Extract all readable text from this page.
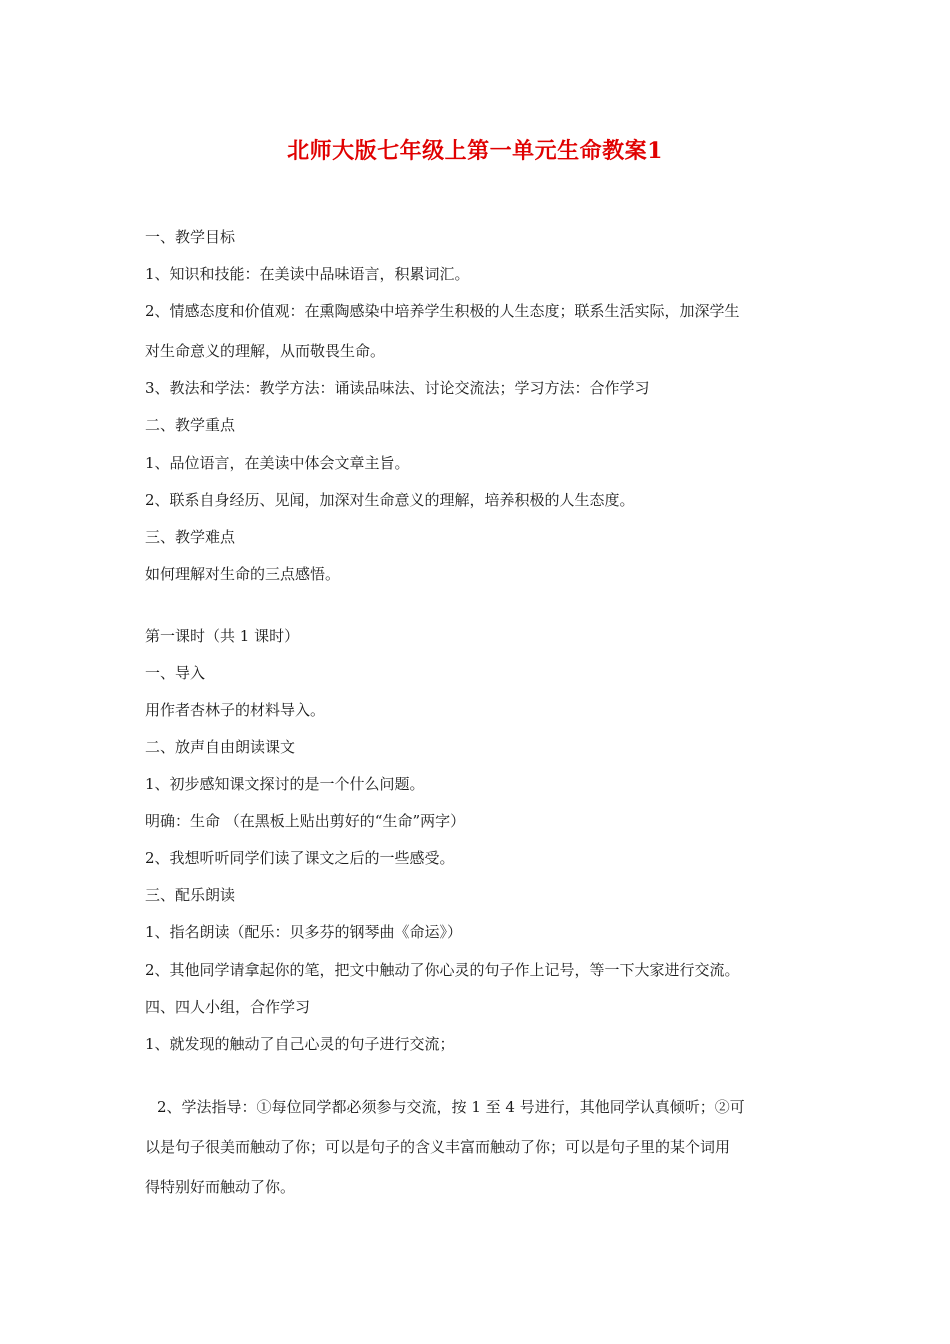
北师大版七年级上第一单元生命教案1
一、教学目标
1、知识和技能：在美读中品味语言，积累词汇。
2、情感态度和价值观：在熏陶感染中培养学生积极的人生态度；联系生活实际，加深学生
对生命意义的理解，从而敬畏生命。
3、教法和学法：教学方法：诵读品味法、讨论交流法；学习方法：合作学习
二、教学重点
1、品位语言，在美读中体会文章主旨。
2、联系自身经历、见闻，加深对生命意义的理解，培养积极的人生态度。
三、教学难点
如何理解对生命的三点感悟。
第一课时（共 1 课时）
一、导入
用作者杏林子的材料导入。
二、放声自由朗读课文
1、初步感知课文探讨的是一个什么问题。
明确：生命 （在黑板上贴出剪好的“生命”两字）
2、我想听听同学们读了课文之后的一些感受。
三、配乐朗读
1、指名朗读（配乐：贝多芬的钢琴曲《命运》）
2、其他同学请拿起你的笔，把文中触动了你心灵的句子作上记号，等一下大家进行交流。
四、四人小组，合作学习
1、就发现的触动了自己心灵的句子进行交流；
2、学法指导：①每位同学都必须参与交流，按 1 至 4 号进行，其他同学认真倾听；②可
以是句子很美而触动了你；可以是句子的含义丰富而触动了你；可以是句子里的某个词用
得特别好而触动了你。
